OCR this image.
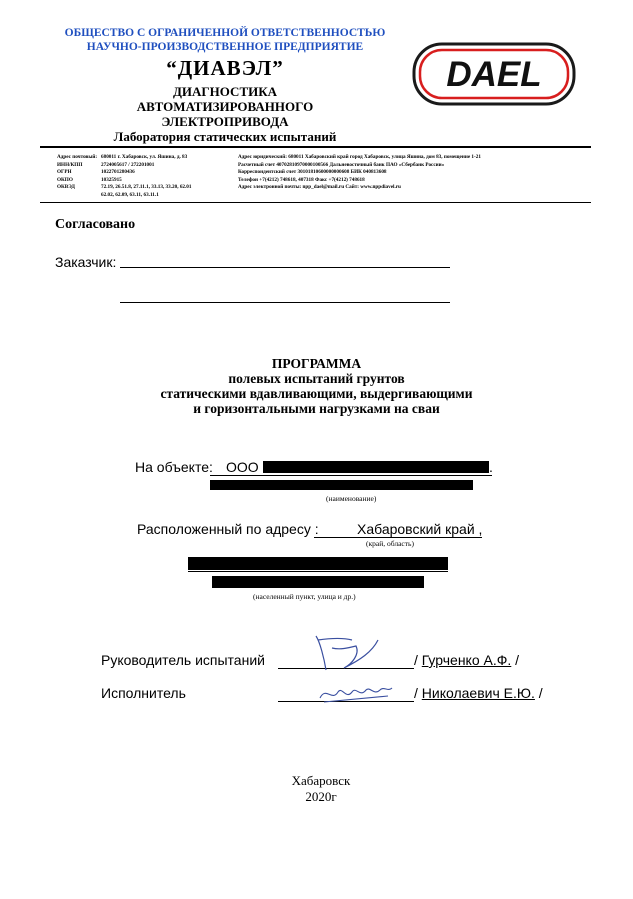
ОБЩЕСТВО С ОГРАНИЧЕННОЙ ОТВЕТСТВЕННОСТЬЮ
НАУЧНО-ПРОИЗВОДСТВЕННОЕ ПРЕДПРИЯТИЕ
“ДИАВЭЛ”
ДИАГНОСТИКА
АВТОМАТИЗИРОВАННОГО
ЭЛЕКТРОПРИВОДА
Лаборатория статических испытаний
DAEL
Адрес почтовый: 680011 г. Хабаровск, ул. Яшина, д. 83
ИНН/КПП	2724005617 / 272201001
ОГРН	1022701280436
ОКПО	10325915
ОКВЭД	72.19, 26.51.8, 27.11.1, 33.13, 33.20, 62.01
62.02, 62.09, 63.11, 63.11.1
Адрес юридический: 680011 Хабаровский край город Хабаровск, улица Яшина, дом 83, помещение 1-21
Расчетный счет 40702810970000100566 Дальневосточный банк ПАО «Сбербанк России»
Корреспондентский счет 30101810600000000608 БИК 040813608
Телефон +7(4212) 748618, 407318 Факс +7(4212) 748618
Адрес электронной почты: npp_dael@mail.ru Сайт: www.nppdiavel.ru
Согласовано
Заказчик:
ПРОГРАММА
полевых испытаний грунтов
статическими вдавливающими, выдергивающими
и горизонтальными нагрузками на сваи
На объекте: ООО	.
(наименование)
Расположенный по адресу :	Хабаровский край ,
(край, область)
(населенный пункт, улица и др.)
Руководитель испытаний	/ Гурченко А.Ф. /
Исполнитель	/ Николаевич Е.Ю. /
Хабаровск
2020г
